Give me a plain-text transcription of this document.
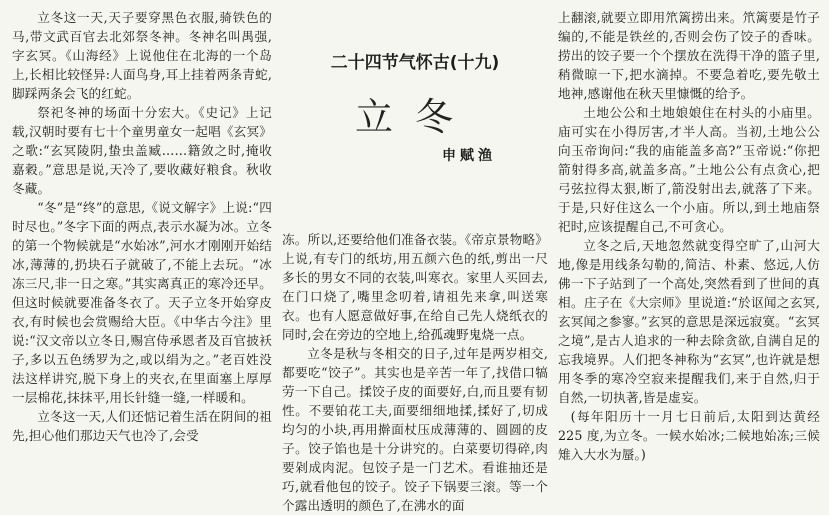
立冬这一天,天子要穿黑色衣服,骑铁色的马,带文武百官去北郊祭冬神。冬神名叫禺强,字玄冥。《山海经》上说他住在北海的一个岛上,长相比较怪异:人面鸟身,耳上挂着两条青蛇,脚踩两条会飞的红蛇。

祭祀冬神的场面十分宏大。《史记》上记载,汉朝时要有七十个童男童女一起唱《玄冥》之歌:“玄冥陵阴,蛰虫盖臧……籍敛之时,掩收嘉穀。”意思是说,天冷了,要收藏好粮食。秋收冬藏。

“冬”是“终”的意思,《说文解字》上说:“四时尽也。”冬字下面的两点,表示水凝为冰。立冬的第一个物候就是“水始冰”,河水才刚刚开始结冰,薄薄的,扔块石子就破了,不能上去玩。“冰冻三尺,非一日之寒。”其实离真正的寒冷还早。但这时候就要准备冬衣了。天子立冬开始穿皮衣,有时候也会赏赐给大臣。《中华古今注》里说:“汉文帝以立冬日,赐宫侍承恩者及百官披袄子,多以五色绣罗为之,或以绢为之。”老百姓没法这样讲究,脱下身上的夹衣,在里面塞上厚厚一层棉花,抹抹平,用长针缝一缝,一样暖和。

立冬这一天,人们还惦记着生活在阴间的祖先,担心他们那边天气也冷了,会受

二十四节气怀古(十九)
立冬
申赋渔

冻。所以,还要给他们准备衣装。《帝京景物略》上说,有专门的纸坊,用五颜六色的纸,剪出一尺多长的男女不同的衣装,叫寒衣。家里人买回去,在门口烧了,嘴里念叨着,请祖先来拿,叫送寒衣。也有人愿意做好事,在给自己先人烧纸衣的同时,会在旁边的空地上,给孤魂野鬼烧一点。

立冬是秋与冬相交的日子,过年是两岁相交,都要吃“饺子”。其实也是辛苦一年了,找借口犒劳一下自己。揉饺子皮的面要好,白,而且要有韧性。不要铂花工夫,面要细细地揉,揉好了,切成均匀的小块,再用擀面杖压成薄薄的、圆圆的皮子。饺子馅也是十分讲究的。白菜要切得碎,肉要剁成肉泥。包饺子是一门艺术。看谁抽还是巧,就看他包的饺子。饺子下锅要三滚。等一个个露出透明的颜色了,在沸水的面

上翻滚,就要立即用笊篱捞出来。笊篱要是竹子编的,不能是铁丝的,否则会伤了饺子的香味。捞出的饺子要一个个摆放在洗得干净的篮子里,稍微晾一下,把水滴掉。不要急着吃,要先敬土地神,感谢他在秋天里慷慨的给予。

土地公公和土地娘娘住在村头的小庙里。庙可实在小得厉害,才半人高。当初,土地公公向玉帝询问:“我的庙能盖多高?”玉帝说:“你把箭射得多高,就盖多高。”土地公公有点贪心,把弓弦拉得太狠,断了,箭没射出去,就落了下来。于是,只好住这么一个小庙。所以,到土地庙祭祀时,应该提醒自己,不可贪心。

立冬之后,天地忽然就变得空旷了,山河大地,像是用线条勾勒的,简洁、朴素、悠远,人仿佛一下子站到了一个高处,突然看到了世间的真相。庄子在《大宗师》里说道:“於讴闻之玄冥,玄冥闻之参寥。”玄冥的意思是深远寂寞。“玄冥之境”,是古人追求的一种去除贪欲,自满自足的忘我境界。人们把冬神称为“玄冥”,也许就是想用冬季的寒冷空寂来提醒我们,来于自然,归于自然,一切执著,皆是虚妄。

(每年阳历十一月七日前后,太阳到达黄经 225 度,为立冬。一候水始冰;二候地始冻;三候雉入大水为蜃。)
